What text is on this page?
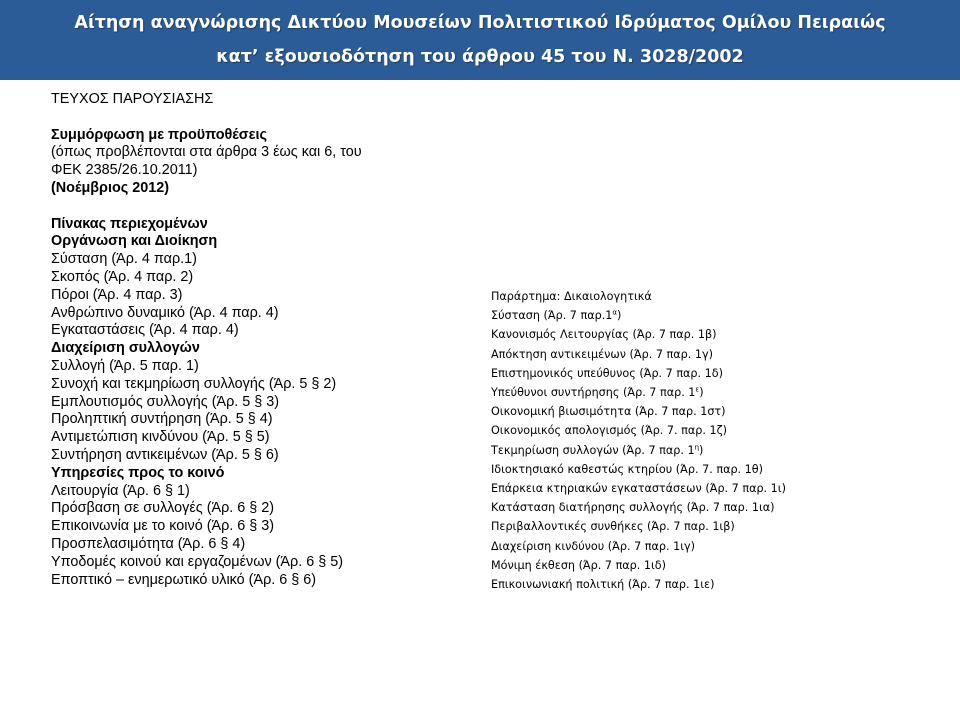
Αίτηση αναγνώρισης Δικτύου Μουσείων Πολιτιστικού Ιδρύματος Ομίλου Πειραιώς
κατ’ εξουσιοδότηση του άρθρου 45 του Ν. 3028/2002
ΤΕΥΧΟΣ ΠΑΡΟΥΣΙΑΣΗΣ
Συμμόρφωση με προϋποθέσεις
(όπως προβλέπονται στα άρθρα 3 έως και 6, του
ΦΕΚ 2385/26.10.2011)
(Νοέμβριος 2012)
Πίνακας περιεχομένων
Οργάνωση και Διοίκηση
Σύσταση (Άρ. 4 παρ.1)
Σκοπός (Άρ. 4 παρ. 2)
Πόροι (Άρ. 4 παρ. 3)
Ανθρώπινο δυναμικό (Άρ. 4 παρ. 4)
Εγκαταστάσεις (Άρ. 4 παρ. 4)
Διαχείριση συλλογών
Συλλογή (Άρ. 5 παρ. 1)
Συνοχή και τεκμηρίωση συλλογής (Άρ. 5 § 2)
Εμπλουτισμός συλλογής (Άρ. 5 § 3)
Προληπτική συντήρηση (Άρ. 5 § 4)
Αντιμετώπιση κινδύνου (Άρ. 5 § 5)
Συντήρηση αντικειμένων (Άρ. 5 § 6)
Υπηρεσίες προς το κοινό
Λειτουργία (Άρ. 6 § 1)
Πρόσβαση σε συλλογές (Άρ. 6 § 2)
Επικοινωνία με το κοινό (Άρ. 6 § 3)
Προσπελασιμότητα (Άρ. 6 § 4)
Υποδομές κοινού και εργαζομένων (Άρ. 6 § 5)
Εποπτικό – ενημερωτικό υλικό (Άρ. 6 § 6)
Παράρτημα: Δικαιολογητικά
Σύσταση (Άρ. 7 $\pi\alpha\rho.1^\alpha$)
Κανονισμός Λειτουργίας (Άρ. 7 παρ. 1β)
Απόκτηση αντικειμένων (Άρ. 7 παρ. 1γ)
Επιστημονικός υπεύθυνος (Άρ. 7 παρ. 1δ)
Υπεύθυνοι συντήρησης (Άρ. 7 παρ. $1^\varepsilon$)
Οικονομική βιωσιμότητα (Άρ. 7 παρ. 1στ)
Οικονομικός απολογισμός (Άρ. 7. παρ. 1ζ)
Τεκμηρίωση συλλογών (Άρ. 7 παρ. $1^\eta$)
Ιδιοκτησιακό καθεστώς κτηρίου (Άρ. 7. παρ. 1θ)
Επάρκεια κτηριακών εγκαταστάσεων (Άρ. 7 παρ. 1ι)
Κατάσταση διατήρησης συλλογής (Άρ. 7 παρ. 1ια)
Περιβαλλοντικές συνθήκες (Άρ. 7 παρ. 1ιβ)
Διαχείριση κινδύνου (Άρ. 7 παρ. 1ιγ)
Μόνιμη έκθεση (Άρ. 7 παρ. 1ιδ)
Επικοινωνιακή πολιτική (Άρ. 7 παρ. 1ιε)
